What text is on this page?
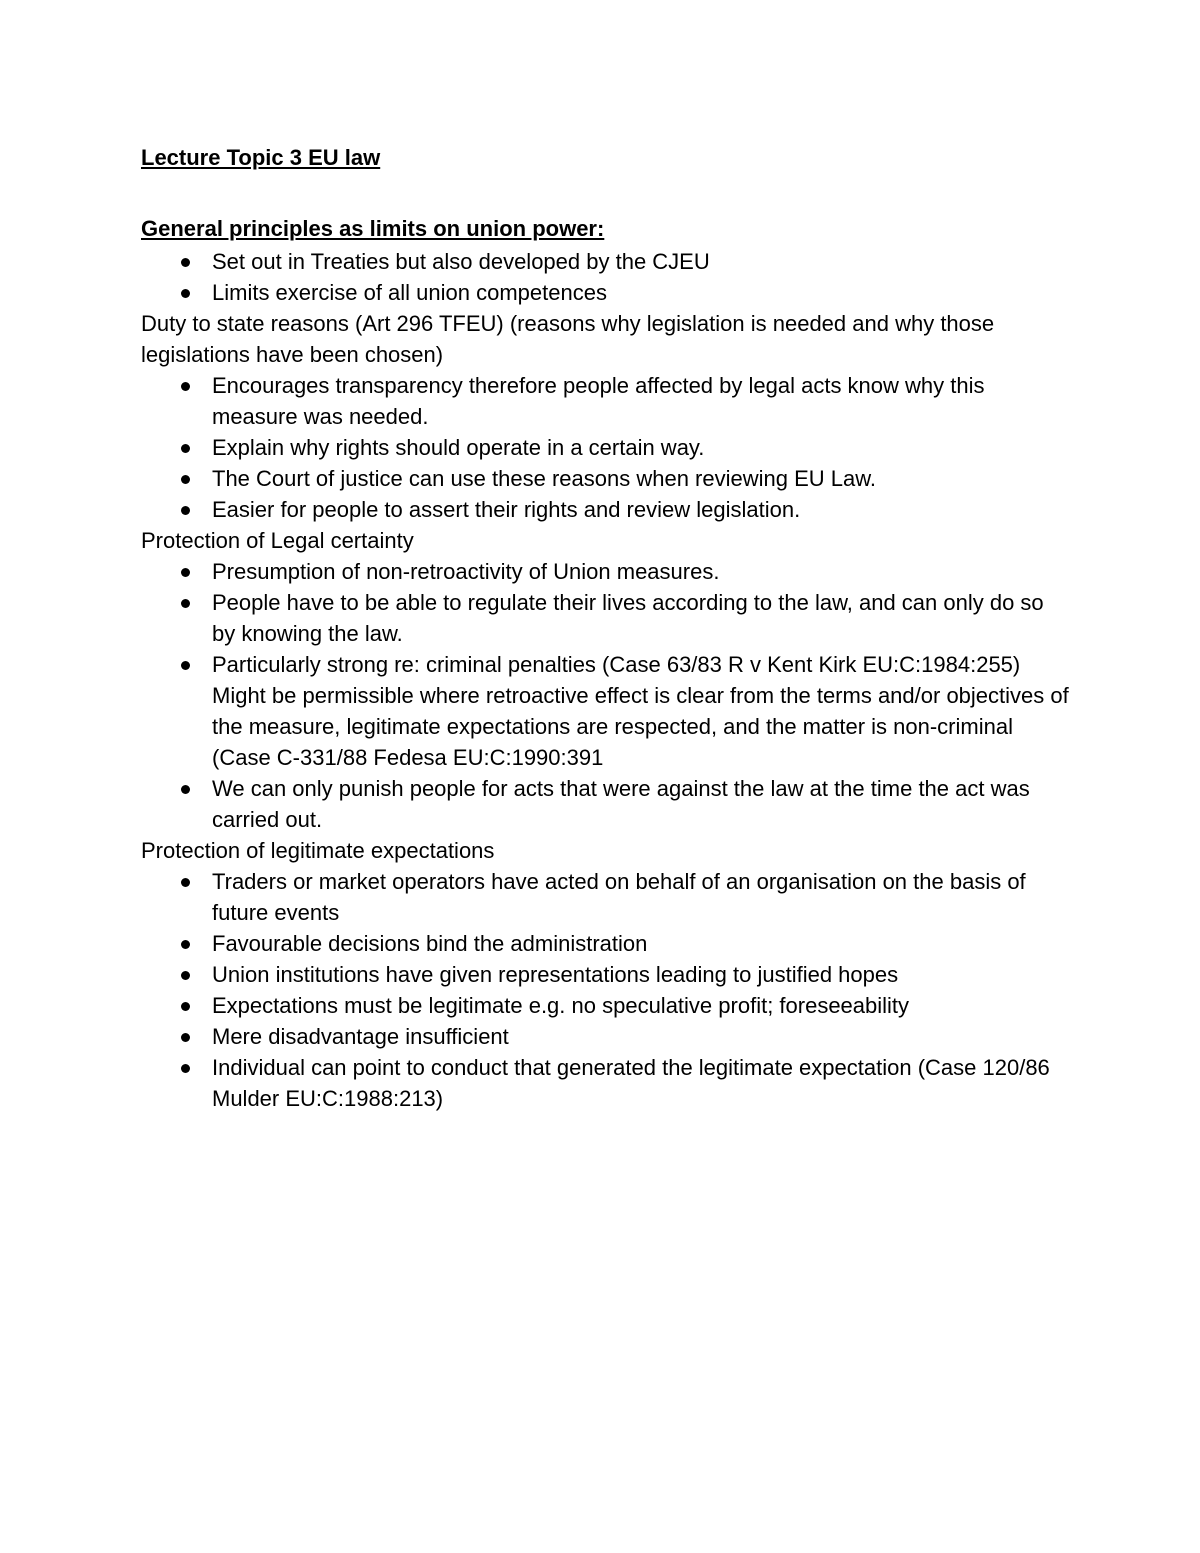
Lecture Topic 3 EU law
General principles as limits on union power:
Set out in Treaties but also developed by the CJEU
Limits exercise of all union competences

Duty to state reasons (Art 296 TFEU) (reasons why legislation is needed and why those legislations have been chosen)

Encourages transparency therefore people affected by legal acts know why this measure was needed.
Explain why rights should operate in a certain way.
The Court of justice can use these reasons when reviewing EU Law.
Easier for people to assert their rights and review legislation.

Protection of Legal certainty

Presumption of non-retroactivity of Union measures.
People have to be able to regulate their lives according to the law, and can only do so by knowing the law.
Particularly strong re: criminal penalties (Case 63/83 R v Kent Kirk EU:C:1984:255) Might be permissible where retroactive effect is clear from the terms and/or objectives of the measure, legitimate expectations are respected, and the matter is non-criminal (Case C-331/88 Fedesa EU:C:1990:391
We can only punish people for acts that were against the law at the time the act was carried out.

Protection of legitimate expectations

Traders or market operators have acted on behalf of an organisation on the basis of future events
Favourable decisions bind the administration
Union institutions have given representations leading to justified hopes
Expectations must be legitimate e.g. no speculative profit; foreseeability
Mere disadvantage insufficient
Individual can point to conduct that generated the legitimate expectation (Case 120/86 Mulder EU:C:1988:213)
